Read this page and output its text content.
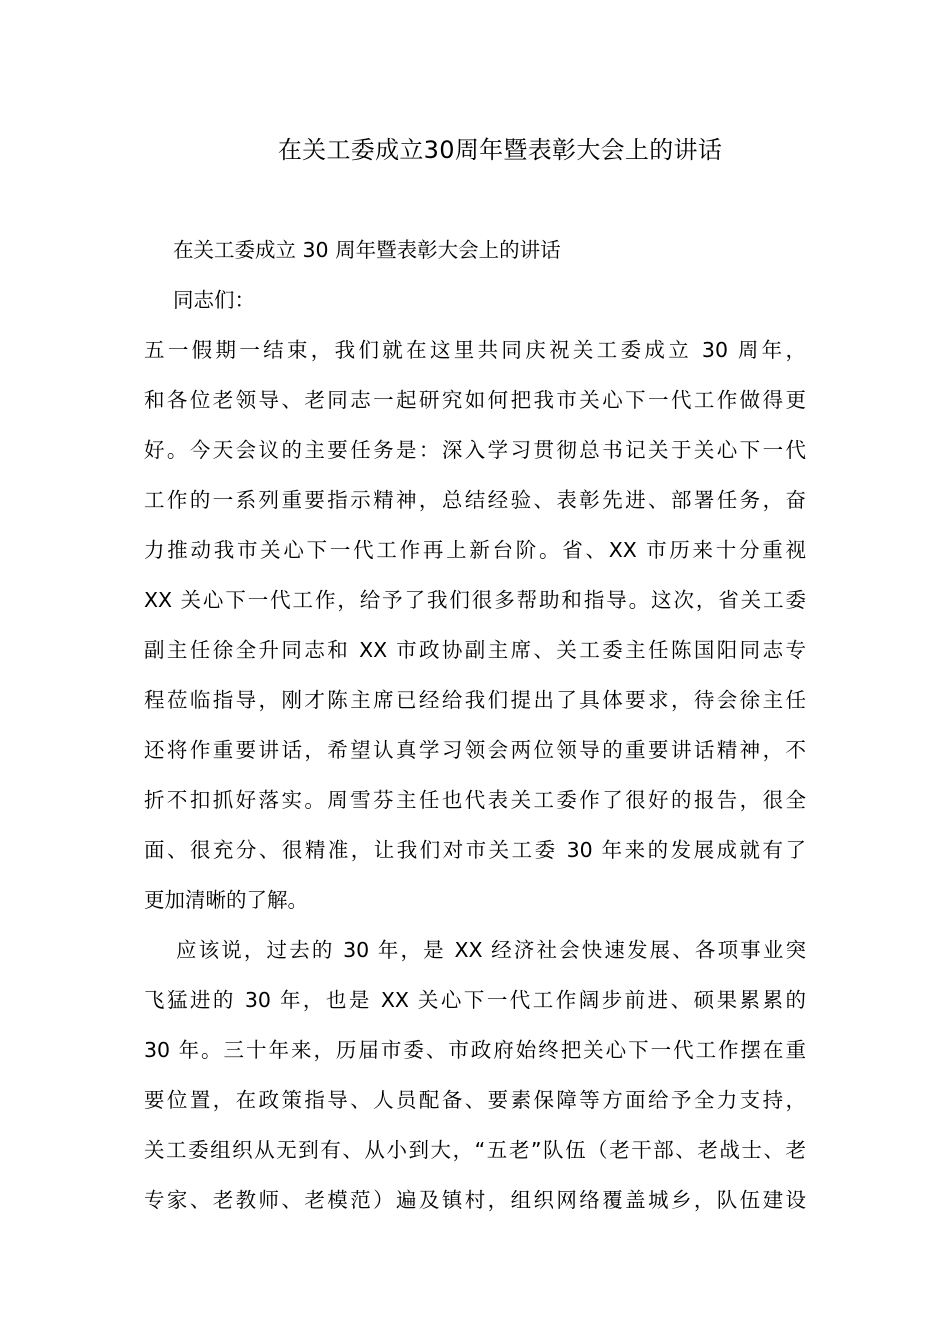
在关工委成立30周年暨表彰大会上的讲话

在关工委成立 30 周年暨表彰大会上的讲话

同志们：

五一假期一结束，我们就在这里共同庆祝关工委成立 30 周年，

和各位老领导、老同志一起研究如何把我市关心下一代工作做得更

好。今天会议的主要任务是：深入学习贯彻总书记关于关心下一代

工作的一系列重要指示精神，总结经验、表彰先进、部署任务，奋

力推动我市关心下一代工作再上新台阶。省、XX 市历来十分重视

XX 关心下一代工作，给予了我们很多帮助和指导。这次，省关工委

副主任徐全升同志和 XX 市政协副主席、关工委主任陈国阳同志专

程莅临指导，刚才陈主席已经给我们提出了具体要求，待会徐主任

还将作重要讲话，希望认真学习领会两位领导的重要讲话精神，不

折不扣抓好落实。周雪芬主任也代表关工委作了很好的报告，很全

面、很充分、很精准，让我们对市关工委 30 年来的发展成就有了

更加清晰的了解。

应该说，过去的 30 年，是 XX 经济社会快速发展、各项事业突

飞猛进的 30 年，也是 XX 关心下一代工作阔步前进、硕果累累的

30 年。三十年来，历届市委、市政府始终把关心下一代工作摆在重

要位置，在政策指导、人员配备、要素保障等方面给予全力支持，

关工委组织从无到有、从小到大，“五老”队伍（老干部、老战士、老

专家、老教师、老模范）遍及镇村，组织网络覆盖城乡，队伍建设
